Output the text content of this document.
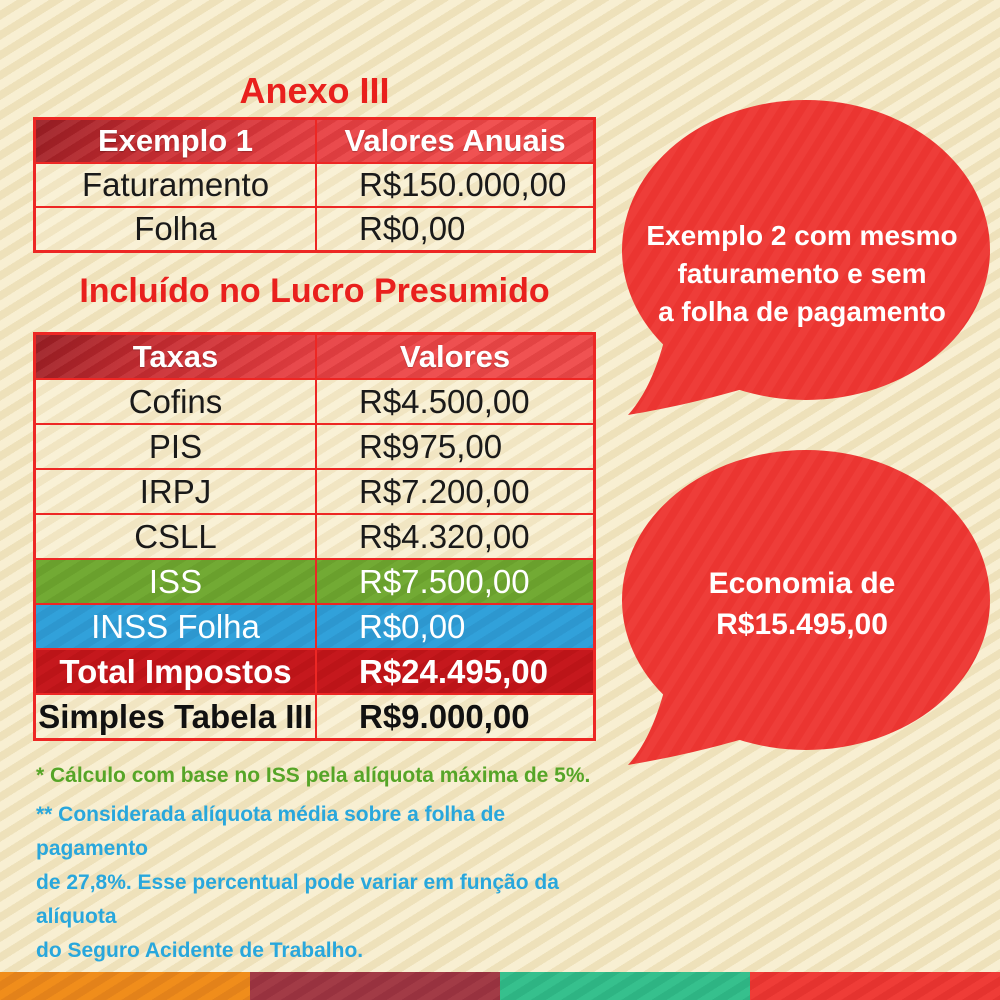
Anexo III
Exemplo 1	Valores Anuais
Faturamento	R$150.000,00
Folha	R$0,00
Incluído no Lucro Presumido
Taxas	Valores
Cofins	R$4.500,00
PIS	R$975,00
IRPJ	R$7.200,00
CSLL	R$4.320,00
ISS	R$7.500,00
INSS Folha	R$0,00
Total Impostos	R$24.495,00
Simples Tabela III	R$9.000,00
Exemplo 2 com mesmo
faturamento e sem
a folha de pagamento
Economia de
R$15.495,00
* Cálculo com base no ISS pela alíquota máxima de 5%.
** Considerada alíquota média sobre a folha de pagamento
de 27,8%. Esse percentual pode variar em função da alíquota
do Seguro Acidente de Trabalho.
